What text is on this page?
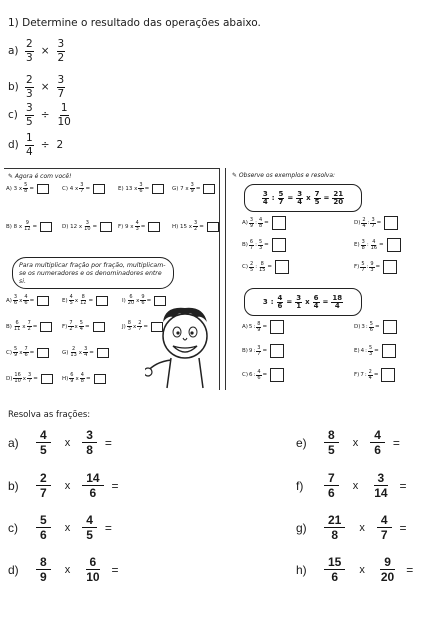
1) Determine o resultado das operações abaixo.
$a) \frac{2}{3} \times \frac{3}{2}$
$b) \frac{2}{3} \times \frac{3}{7}$
$c) \frac{3}{5} \div \frac{1}{10}$
$d) \frac{1}{4} \div 2$
✎ Agora é com você!
A) 3 x $\frac{5}{8}$ =	C) 4 x $\frac{3}{7}$ =	E) 13 x $\frac{3}{6}$ =	G) 7 x $\frac{3}{9}$ =
B) 8 x $\frac{9}{12}$ =	D) 12 x $\frac{3}{10}$ =	F) 9 x $\frac{4}{3}$ =	H) 15 x $\frac{3}{2}$ =
Para multiplicar fração por fração, multiplicam-se os numeradores e os denominadores entre si.
$A) \frac{3}{6}$ x $\frac{4}{6}$ =	$E) \frac{4}{5}$ x $\frac{8}{12}$ =	$I) \frac{6}{20}$ x $\frac{9}{6}$ =
$B) \frac{6}{11}$ x $\frac{7}{2}$ =	$F) \frac{7}{2}$ x $\frac{5}{4}$ =	$J) \frac{8}{3}$ x $\frac{2}{7}$ =
$C) \frac{5}{9}$ x $\frac{7}{6}$ =	$G) \frac{2}{13}$ x $\frac{3}{4}$ =
$D) \frac{16}{10}$ x $\frac{3}{7}$ =	$H) \frac{6}{9}$ x $\frac{4}{8}$ =
✎ Observe os exemplos e resolva:
$\frac{3}{4}$ : $\frac{5}{7} = \frac{3}{4}$ x $\frac{7}{5} = \frac{21}{20}$
$A) \frac{3}{9}$ : $\frac{4}{8}$ =	$D) \frac{2}{4}$ : $\frac{3}{7}$ =
$B) \frac{6}{7}$ : $\frac{5}{3}$ =	$E) \frac{3}{8}$ : $\frac{4}{16}$ =
$C) \frac{2}{5}$ : $\frac{8}{15}$ =	$F) \frac{5}{7}$ : $\frac{9}{3}$ =
3 : $\frac{4}{6} = \frac{3}{1}$ x $\frac{6}{4} = \frac{18}{4}$
A) 5 : $\frac{8}{9}$ =	D) 3 : $\frac{5}{6}$ =
B) 9 : $\frac{3}{7}$ =	E) 4 : $\frac{5}{3}$ =
C) 6 : $\frac{4}{6}$ =	F) 7 : $\frac{2}{4}$ =
Resolva as frações:
a)	$\frac{4}{5}$ x $\frac{3}{8}$ =	e)	$\frac{8}{5}$ x $\frac{4}{6}$ =
b)	$\frac{2}{7}$ x $\frac{14}{6}$ =	f)	$\frac{7}{6}$ x $\frac{3}{14}$ =
c)	$\frac{5}{6}$ x $\frac{4}{5}$ =	g)	$\frac{21}{8}$ x $\frac{4}{7}$ =
d)	$\frac{8}{9}$ x $\frac{6}{10}$ =	h)	$\frac{15}{6}$ x $\frac{9}{20}$ =
